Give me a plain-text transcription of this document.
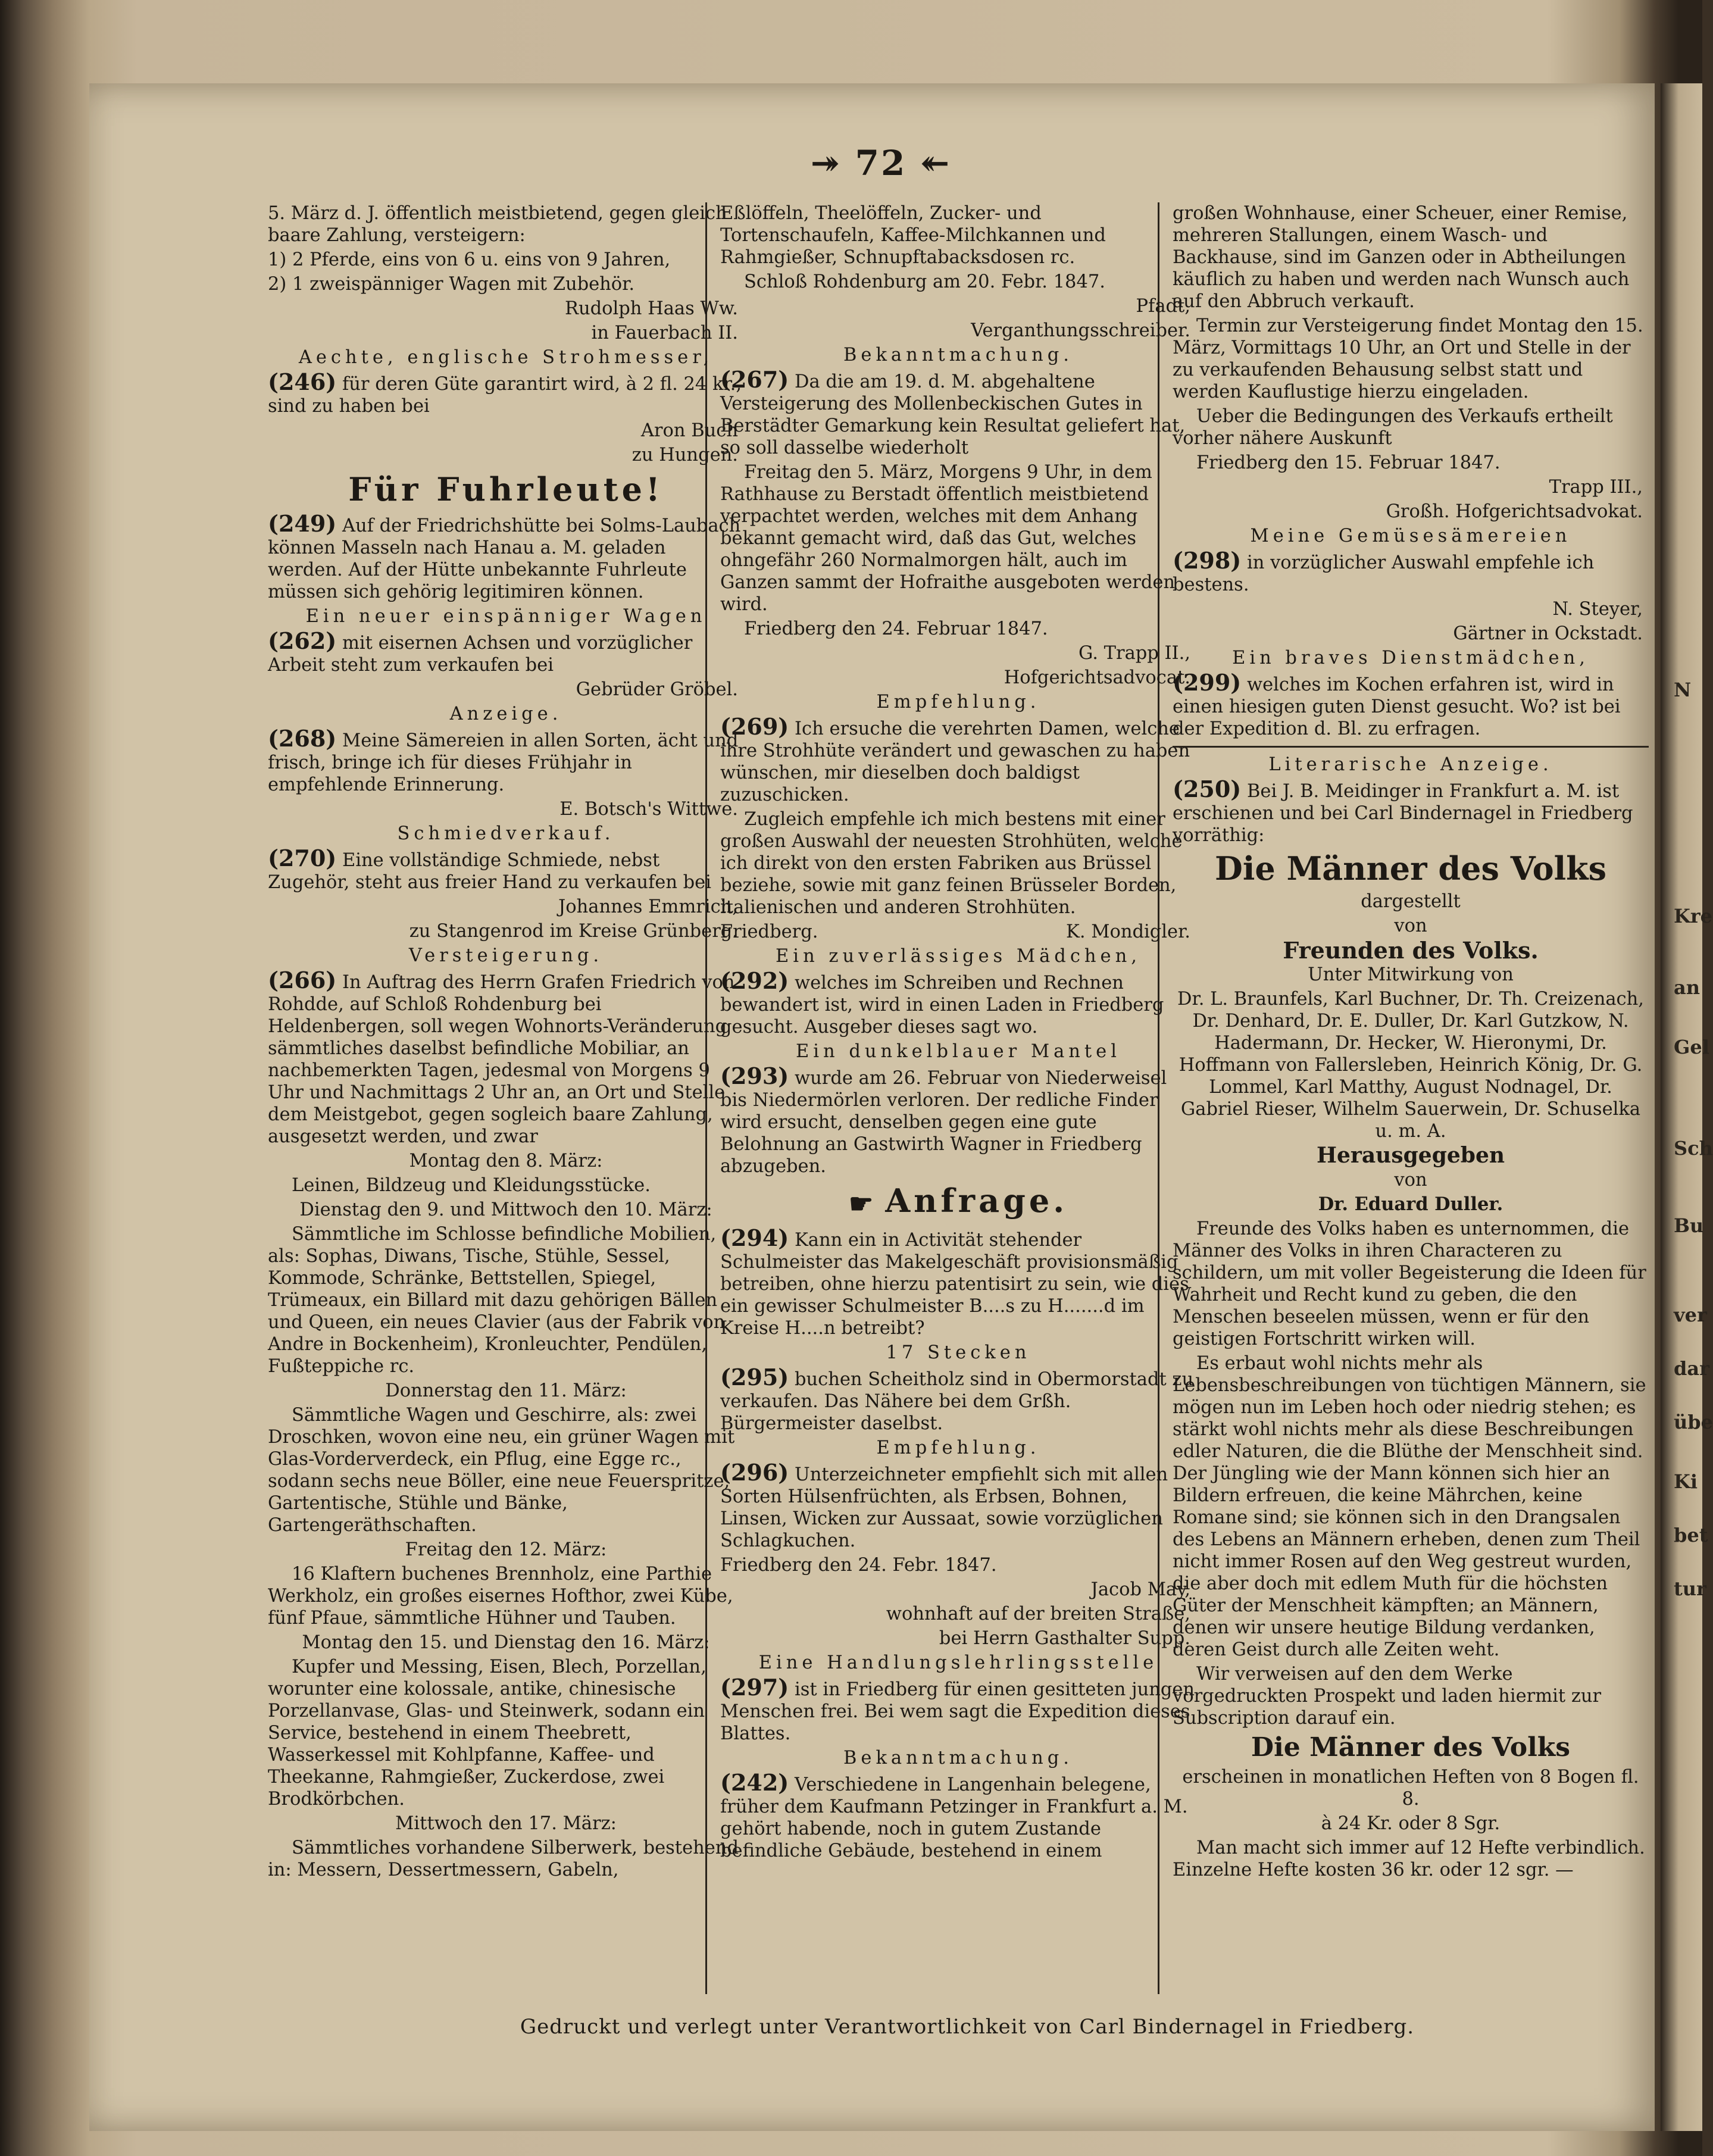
↠ 72 ↞

5. März d. J. öffentlich meistbietend, gegen gleich baare Zahlung, versteigern:

1) 2 Pferde, eins von 6 u. eins von 9 Jahren,

2) 1 zweispänniger Wagen mit Zubehör.

Rudolph Haas Ww.

in Fauerbach II.

Aechte, englische Strohmesser,

(246) für deren Güte garantirt wird, à 2 fl. 24 kr., sind zu haben bei

Aron Buch

zu Hungen.

Für Fuhrleute!

(249) Auf der Friedrichshütte bei Solms-Laubach können Masseln nach Hanau a. M. geladen werden. Auf der Hütte unbekannte Fuhrleute müssen sich gehörig legitimiren können.

Ein neuer einspänniger Wagen

(262) mit eisernen Achsen und vorzüglicher Arbeit steht zum verkaufen bei

Gebrüder Gröbel.

Anzeige.

(268) Meine Sämereien in allen Sorten, ächt und frisch, bringe ich für dieses Frühjahr in empfehlende Erinnerung.

E. Botsch's Wittwe.

Schmiedverkauf.

(270) Eine vollständige Schmiede, nebst Zugehör, steht aus freier Hand zu verkaufen bei

Johannes Emmrich,

zu Stangenrod im Kreise Grünberg.

Versteigerung.

(266) In Auftrag des Herrn Grafen Friedrich von Rohdde, auf Schloß Rohdenburg bei Heldenbergen, soll wegen Wohnorts-Veränderung sämmtliches daselbst befindliche Mobiliar, an nachbemerkten Tagen, jedesmal von Morgens 9 Uhr und Nachmittags 2 Uhr an, an Ort und Stelle dem Meistgebot, gegen sogleich baare Zahlung, ausgesetzt werden, und zwar

Montag den 8. März:

Leinen, Bildzeug und Kleidungsstücke.

Dienstag den 9. und Mittwoch den 10. März:

Sämmtliche im Schlosse befindliche Mobilien, als: Sophas, Diwans, Tische, Stühle, Sessel, Kommode, Schränke, Bettstellen, Spiegel, Trümeaux, ein Billard mit dazu gehörigen Bällen und Queen, ein neues Clavier (aus der Fabrik von Andre in Bockenheim), Kronleuchter, Pendülen, Fußteppiche rc.

Donnerstag den 11. März:

Sämmtliche Wagen und Geschirre, als: zwei Droschken, wovon eine neu, ein grüner Wagen mit Glas-Vorderverdeck, ein Pflug, eine Egge rc., sodann sechs neue Böller, eine neue Feuerspritze, Gartentische, Stühle und Bänke, Gartengeräthschaften.

Freitag den 12. März:

16 Klaftern buchenes Brennholz, eine Parthie Werkholz, ein großes eisernes Hofthor, zwei Kübe, fünf Pfaue, sämmtliche Hühner und Tauben.

Montag den 15. und Dienstag den 16. März:

Kupfer und Messing, Eisen, Blech, Porzellan, worunter eine kolossale, antike, chinesische Porzellanvase, Glas- und Steinwerk, sodann ein Service, bestehend in einem Theebrett, Wasserkessel mit Kohlpfanne, Kaffee- und Theekanne, Rahmgießer, Zuckerdose, zwei Brodkörbchen.

Mittwoch den 17. März:

Sämmtliches vorhandene Silberwerk, bestehend in: Messern, Dessertmessern, Gabeln,

Eßlöffeln, Theelöffeln, Zucker- und Tortenschaufeln, Kaffee-Milchkannen und Rahmgießer, Schnupftabacksdosen rc.

Schloß Rohdenburg am 20. Febr. 1847.

Pfadt,

Verganthungsschreiber.

Bekanntmachung.

(267) Da die am 19. d. M. abgehaltene Versteigerung des Mollenbeckischen Gutes in Berstädter Gemarkung kein Resultat geliefert hat, so soll dasselbe wiederholt

Freitag den 5. März, Morgens 9 Uhr, in dem Rathhause zu Berstadt öffentlich meistbietend verpachtet werden, welches mit dem Anhang bekannt gemacht wird, daß das Gut, welches ohngefähr 260 Normalmorgen hält, auch im Ganzen sammt der Hofraithe ausgeboten werden wird.

Friedberg den 24. Februar 1847.

G. Trapp II.,

Hofgerichtsadvocat.

Empfehlung.

(269) Ich ersuche die verehrten Damen, welche ihre Strohhüte verändert und gewaschen zu haben wünschen, mir dieselben doch baldigst zuzuschicken.

Zugleich empfehle ich mich bestens mit einer großen Auswahl der neuesten Strohhüten, welche ich direkt von den ersten Fabriken aus Brüssel beziehe, sowie mit ganz feinen Brüsseler Borden, italienischen und anderen Strohhüten.

Friedberg.	K. Mondigler.

Ein zuverlässiges Mädchen,

(292) welches im Schreiben und Rechnen bewandert ist, wird in einen Laden in Friedberg gesucht. Ausgeber dieses sagt wo.

Ein dunkelblauer Mantel

(293) wurde am 26. Februar von Niederweisel bis Niedermörlen verloren. Der redliche Finder wird ersucht, denselben gegen eine gute Belohnung an Gastwirth Wagner in Friedberg abzugeben.

☛ Anfrage.

(294) Kann ein in Activität stehender Schulmeister das Makelgeschäft provisionsmäßig betreiben, ohne hierzu patentisirt zu sein, wie dies ein gewisser Schulmeister B....s zu H.......d im Kreise H....n betreibt?

17 Stecken

(295) buchen Scheitholz sind in Obermorstadt zu verkaufen. Das Nähere bei dem Grßh. Bürgermeister daselbst.

Empfehlung.

(296) Unterzeichneter empfiehlt sich mit allen Sorten Hülsenfrüchten, als Erbsen, Bohnen, Linsen, Wicken zur Aussaat, sowie vorzüglichen Schlagkuchen.

Friedberg den 24. Febr. 1847.

Jacob May,

wohnhaft auf der breiten Straße,

bei Herrn Gasthalter Supp.

Eine Handlungslehrlingsstelle

(297) ist in Friedberg für einen gesitteten jungen Menschen frei. Bei wem sagt die Expedition dieses Blattes.

Bekanntmachung.

(242) Verschiedene in Langenhain belegene, früher dem Kaufmann Petzinger in Frankfurt a. M. gehört habende, noch in gutem Zustande befindliche Gebäude, bestehend in einem

großen Wohnhause, einer Scheuer, einer Remise, mehreren Stallungen, einem Wasch- und Backhause, sind im Ganzen oder in Abtheilungen käuflich zu haben und werden nach Wunsch auch auf den Abbruch verkauft.

Termin zur Versteigerung findet Montag den 15. März, Vormittags 10 Uhr, an Ort und Stelle in der zu verkaufenden Behausung selbst statt und werden Kauflustige hierzu eingeladen.

Ueber die Bedingungen des Verkaufs ertheilt vorher nähere Auskunft

Friedberg den 15. Februar 1847.

Trapp III.,

Großh. Hofgerichtsadvokat.

Meine Gemüsesämereien

(298) in vorzüglicher Auswahl empfehle ich bestens.

N. Steyer,

Gärtner in Ockstadt.

Ein braves Dienstmädchen,

(299) welches im Kochen erfahren ist, wird in einen hiesigen guten Dienst gesucht. Wo? ist bei der Expedition d. Bl. zu erfragen.

Literarische Anzeige.

(250) Bei J. B. Meidinger in Frankfurt a. M. ist erschienen und bei Carl Bindernagel in Friedberg vorräthig:

Die Männer des Volks

dargestellt

von

Freunden des Volks.

Unter Mitwirkung von

Dr. L. Braunfels, Karl Buchner, Dr. Th. Creizenach, Dr. Denhard, Dr. E. Duller, Dr. Karl Gutzkow, N. Hadermann, Dr. Hecker, W. Hieronymi, Dr. Hoffmann von Fallersleben, Heinrich König, Dr. G. Lommel, Karl Matthy, August Nodnagel, Dr. Gabriel Rieser, Wilhelm Sauerwein, Dr. Schuselka u. m. A.

Herausgegeben

von

Dr. Eduard Duller.

Freunde des Volks haben es unternommen, die Männer des Volks in ihren Characteren zu schildern, um mit voller Begeisterung die Ideen für Wahrheit und Recht kund zu geben, die den Menschen beseelen müssen, wenn er für den geistigen Fortschritt wirken will.

Es erbaut wohl nichts mehr als Lebensbeschreibungen von tüchtigen Männern, sie mögen nun im Leben hoch oder niedrig stehen; es stärkt wohl nichts mehr als diese Beschreibungen edler Naturen, die die Blüthe der Menschheit sind. Der Jüngling wie der Mann können sich hier an Bildern erfreuen, die keine Mährchen, keine Romane sind; sie können sich in den Drangsalen des Lebens an Männern erheben, denen zum Theil nicht immer Rosen auf den Weg gestreut wurden, die aber doch mit edlem Muth für die höchsten Güter der Menschheit kämpften; an Männern, denen wir unsere heutige Bildung verdanken, deren Geist durch alle Zeiten weht.

Wir verweisen auf den dem Werke vorgedruckten Prospekt und laden hiermit zur Subscription darauf ein.

Die Männer des Volks

erscheinen in monatlichen Heften von 8 Bogen fl. 8.

à 24 Kr. oder 8 Sgr.

Man macht sich immer auf 12 Hefte verbindlich. Einzelne Hefte kosten 36 kr. oder 12 sgr. —

Gedruckt und verlegt unter Verantwortlichkeit von Carl Bindernagel in Friedberg.
N
Kre
an
Gel
Sch
Bu
ver
dar
übe
Ki
bet
tur
